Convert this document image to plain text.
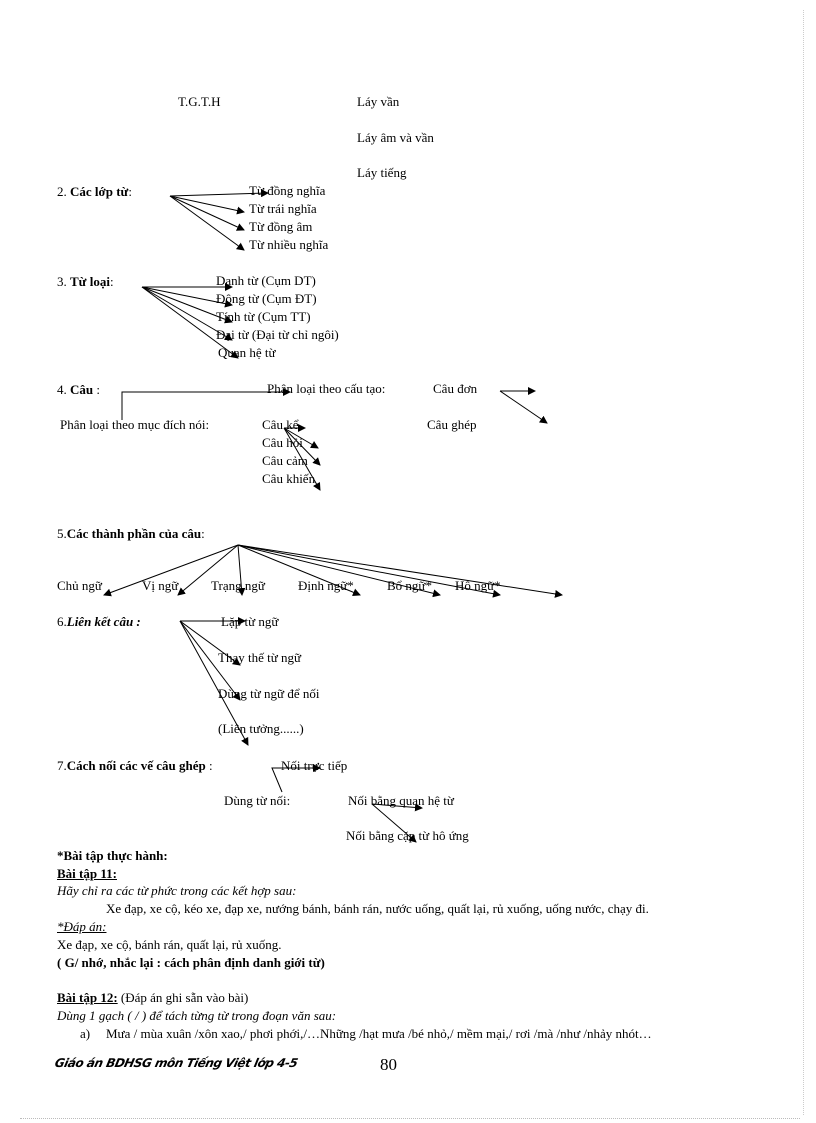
T.G.T.H	Láy vần
Láy âm và vần
Láy tiếng
2. Các lớp từ:	Từ đồng nghĩa
Từ trái nghĩa
Từ đồng âm
Từ nhiều nghĩa
3. Từ loại:	Danh từ (Cụm DT)
Động từ (Cụm ĐT)
Tính từ (Cụm TT)
Đại từ (Đại từ chỉ ngôi)
Quan hệ từ
4. Câu :	Phân loại theo cấu tạo:	Câu đơn
Câu ghép
Phân loại theo mục đích nói:	Câu kể
Câu hỏi
Câu cảm
Câu khiến
5.Các thành phần của câu:
Chủ ngữ	Vị ngữ	Trạng ngữ	Định ngữ*	Bổ ngữ* Hô ngữ*
6.Liên kết câu :	Lặp từ ngữ
Thay thế từ ngữ
Dùng từ ngữ để nối
(Liên tưởng......)
7.Cách nối các vế câu ghép :	Nối trực tiếp
Dùng từ nối:	Nối bằng quan hệ từ
Nối bằng cặp từ hô ứng
*Bài tập thực hành:
Bài tập 11:
Hãy chỉ ra các từ phức trong các kết hợp sau:
Xe đạp, xe cộ, kéo xe, đạp xe, nướng bánh, bánh rán, nước uống, quất lại, rủ xuống, uống nước, chạy đi.
*Đáp án:
Xe đạp, xe cộ, bánh rán, quất lại, rủ xuống.
( G/ nhớ, nhắc lại : cách phân định danh giới từ)
Bài tập 12: (Đáp án ghi sẵn vào bài)
Dùng 1 gạch ( / ) để tách từng từ trong đoạn văn sau:
a) Mưa / mùa xuân /xôn xao,/ phơi phới,/…Những /hạt mưa /bé nhỏ,/ mềm mại,/ rơi /mà /như /nhảy nhót…
Giáo án BDHSG môn Tiếng Việt lớp 4-5	80
